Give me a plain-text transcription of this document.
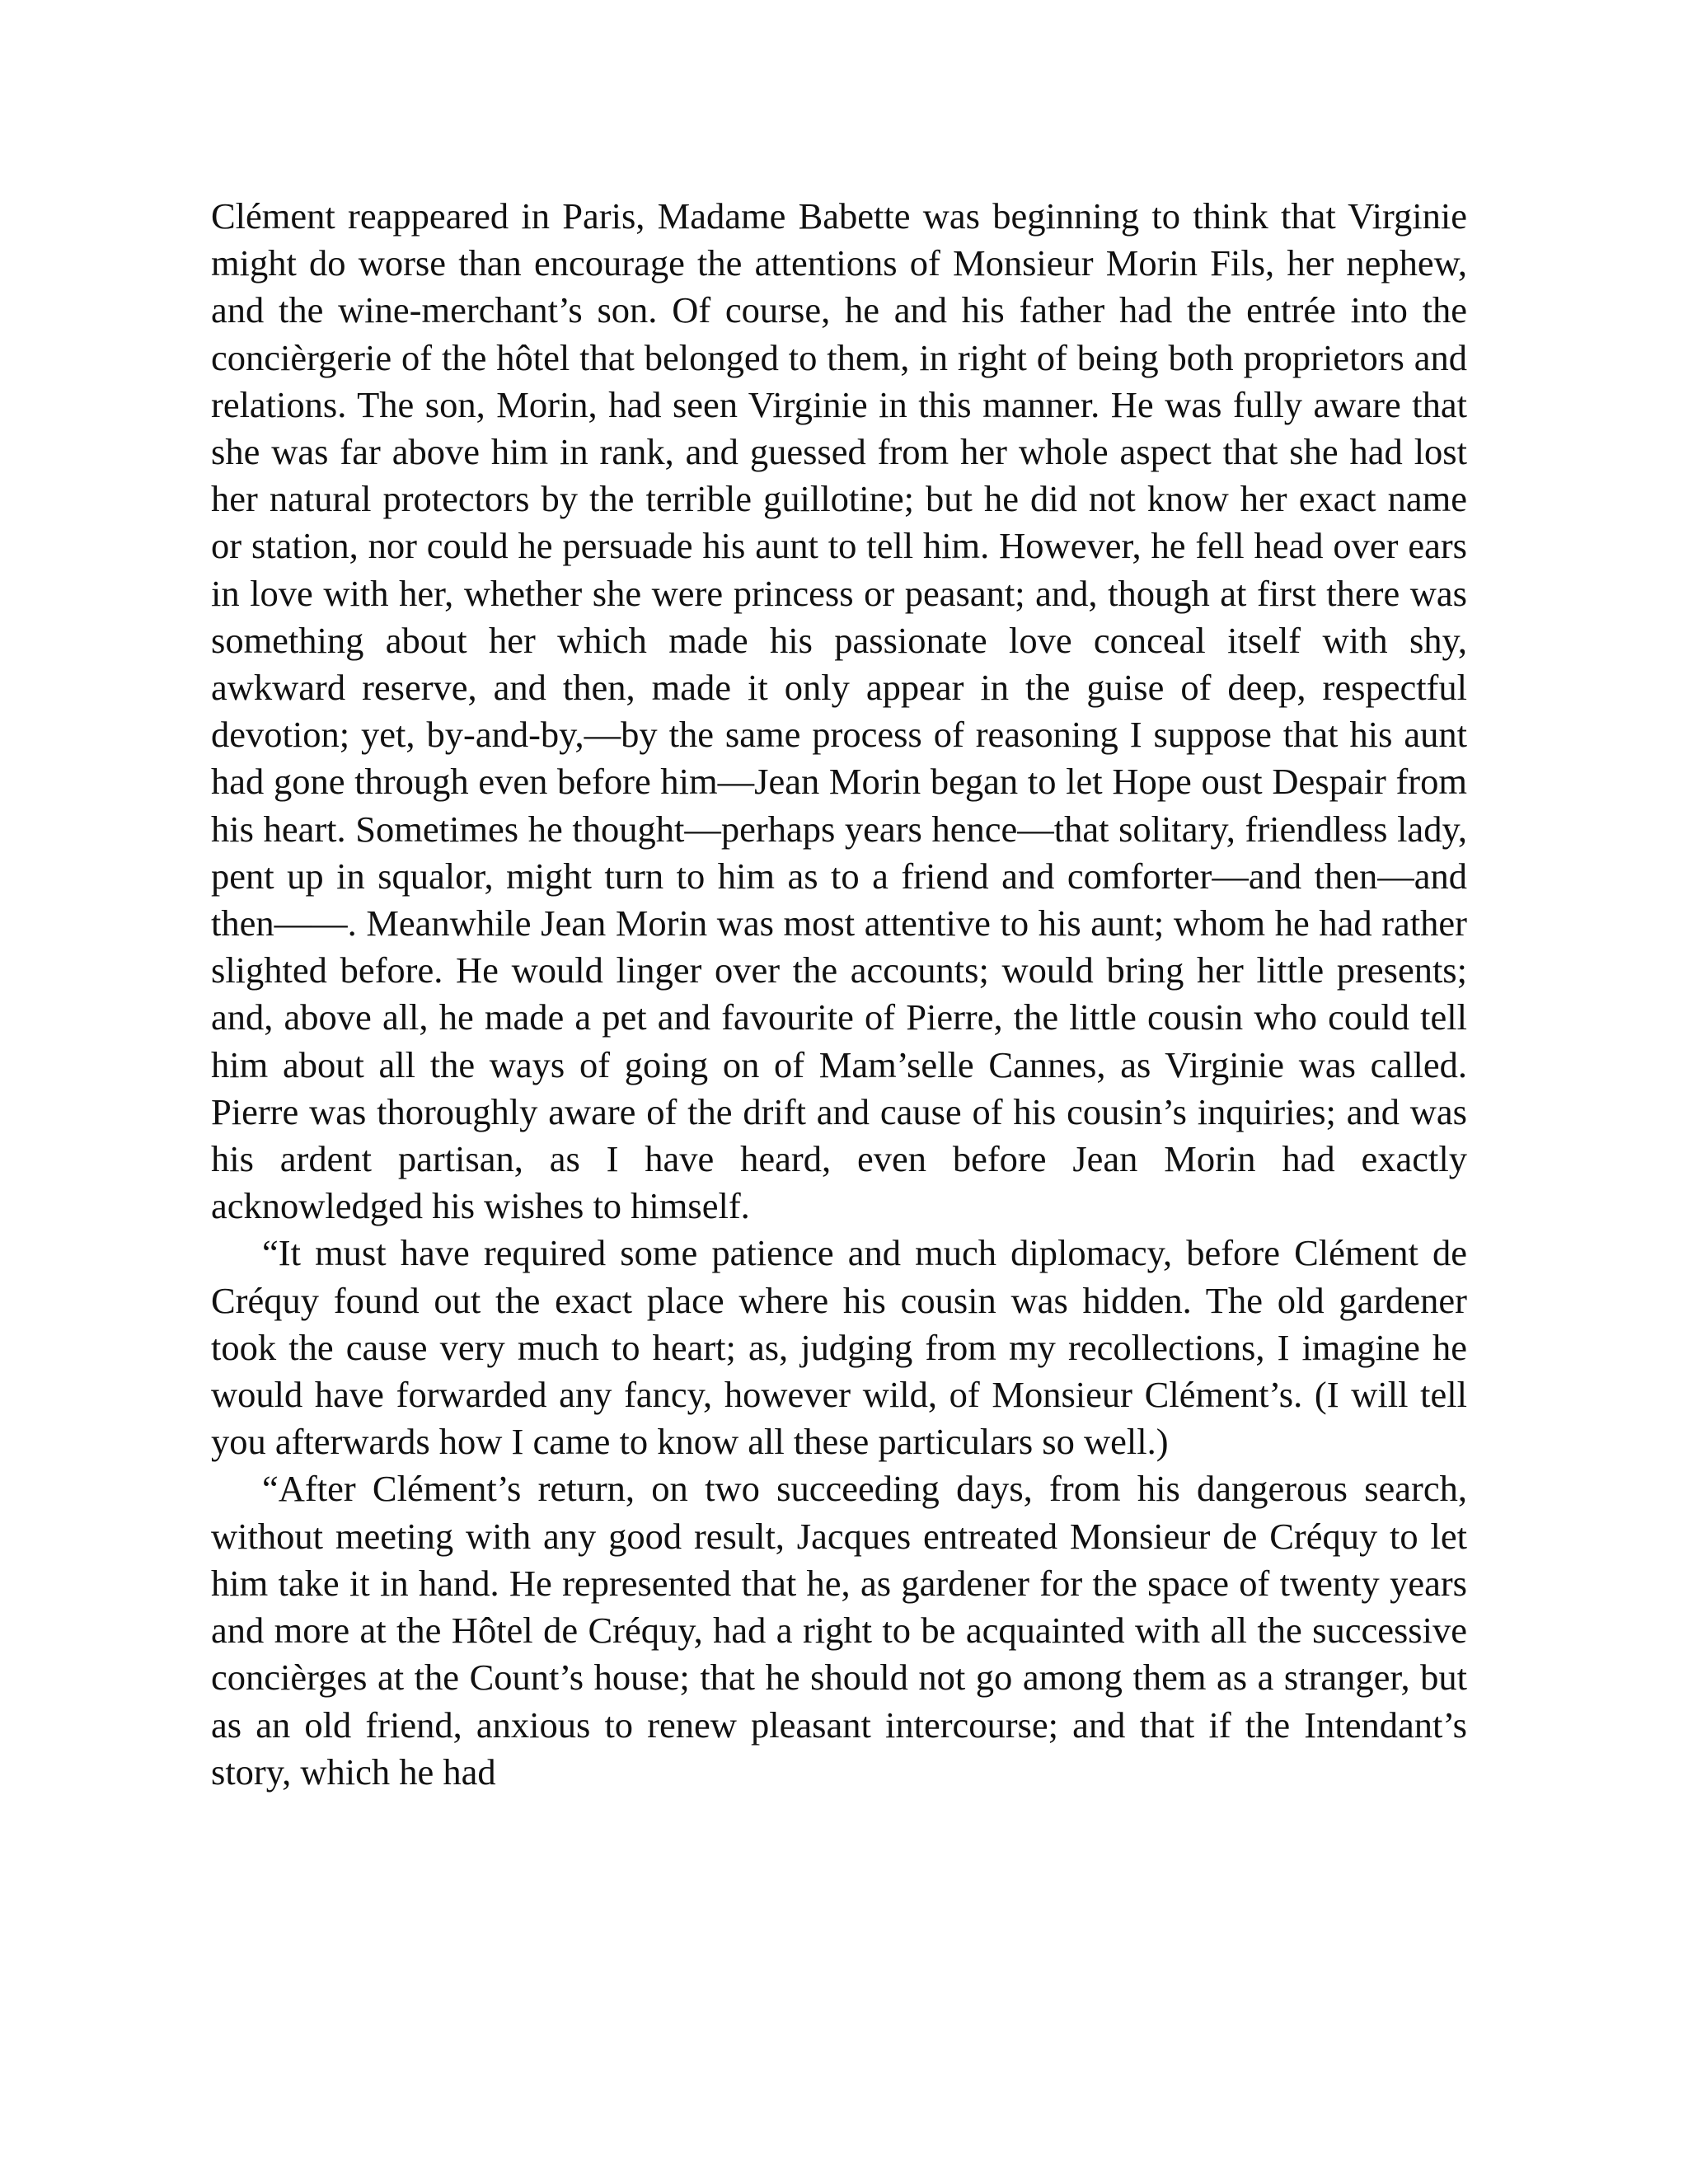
Clément reappeared in Paris, Madame Babette was beginning to think that Virginie might do worse than encourage the attentions of Monsieur Morin Fils, her nephew, and the wine-merchant’s son. Of course, he and his father had the entrée into the concièrgerie of the hôtel that belonged to them, in right of being both proprietors and relations. The son, Morin, had seen Virginie in this manner. He was fully aware that she was far above him in rank, and guessed from her whole aspect that she had lost her natural protectors by the terrible guillotine; but he did not know her exact name or station, nor could he persuade his aunt to tell him. However, he fell head over ears in love with her, whether she were princess or peasant; and, though at first there was something about her which made his passionate love conceal itself with shy, awkward reserve, and then, made it only appear in the guise of deep, respectful devotion; yet, by-and-by,—by the same process of reasoning I suppose that his aunt had gone through even before him—Jean Morin began to let Hope oust Despair from his heart. Sometimes he thought—perhaps years hence—that solitary, friendless lady, pent up in squalor, might turn to him as to a friend and comforter—and then—and then——. Meanwhile Jean Morin was most attentive to his aunt; whom he had rather slighted before. He would linger over the accounts; would bring her little presents; and, above all, he made a pet and favourite of Pierre, the little cousin who could tell him about all the ways of going on of Mam’selle Cannes, as Virginie was called. Pierre was thoroughly aware of the drift and cause of his cousin’s inquiries; and was his ardent partisan, as I have heard, even before Jean Morin had exactly acknowledged his wishes to himself.

“It must have required some patience and much diplomacy, before Clément de Créquy found out the exact place where his cousin was hidden. The old gardener took the cause very much to heart; as, judging from my recollections, I imagine he would have forwarded any fancy, however wild, of Monsieur Clément’s. (I will tell you afterwards how I came to know all these particulars so well.)

“After Clément’s return, on two succeeding days, from his dangerous search, without meeting with any good result, Jacques entreated Monsieur de Créquy to let him take it in hand. He represented that he, as gardener for the space of twenty years and more at the Hôtel de Créquy, had a right to be acquainted with all the successive concièrges at the Count’s house; that he should not go among them as a stranger, but as an old friend, anxious to renew pleasant intercourse; and that if the Intendant’s story, which he had
